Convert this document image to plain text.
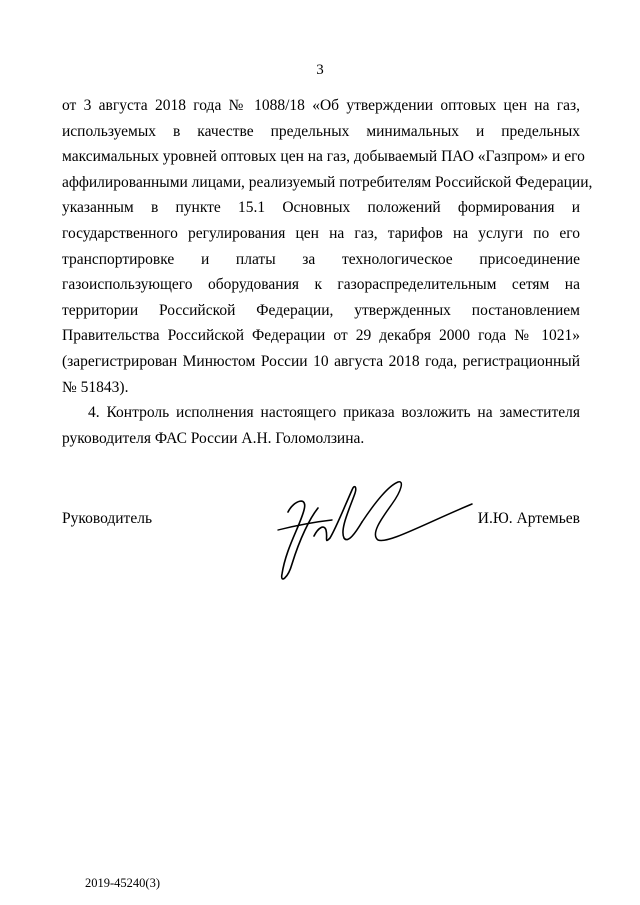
3

от 3 августа 2018 года № 1088/18 «Об утверждении оптовых цен на газ,
используемых в качестве предельных минимальных и предельных
максимальных уровней оптовых цен на газ, добываемый ПАО «Газпром» и его
аффилированными лицами, реализуемый потребителям Российской Федерации,
указанным в пункте 15.1 Основных положений формирования и
государственного регулирования цен на газ, тарифов на услуги по его
транспортировке и платы за технологическое присоединение
газоиспользующего оборудования к газораспределительным сетям на
территории Российской Федерации, утвержденных постановлением
Правительства Российской Федерации от 29 декабря 2000 года № 1021»
(зарегистрирован Минюстом России 10 августа 2018 года, регистрационный
№ 51843).

4. Контроль исполнения настоящего приказа возложить на заместителя
руководителя ФАС России А.Н. Голомолзина.

Руководитель	И.Ю. Артемьев
2019-45240(3)
